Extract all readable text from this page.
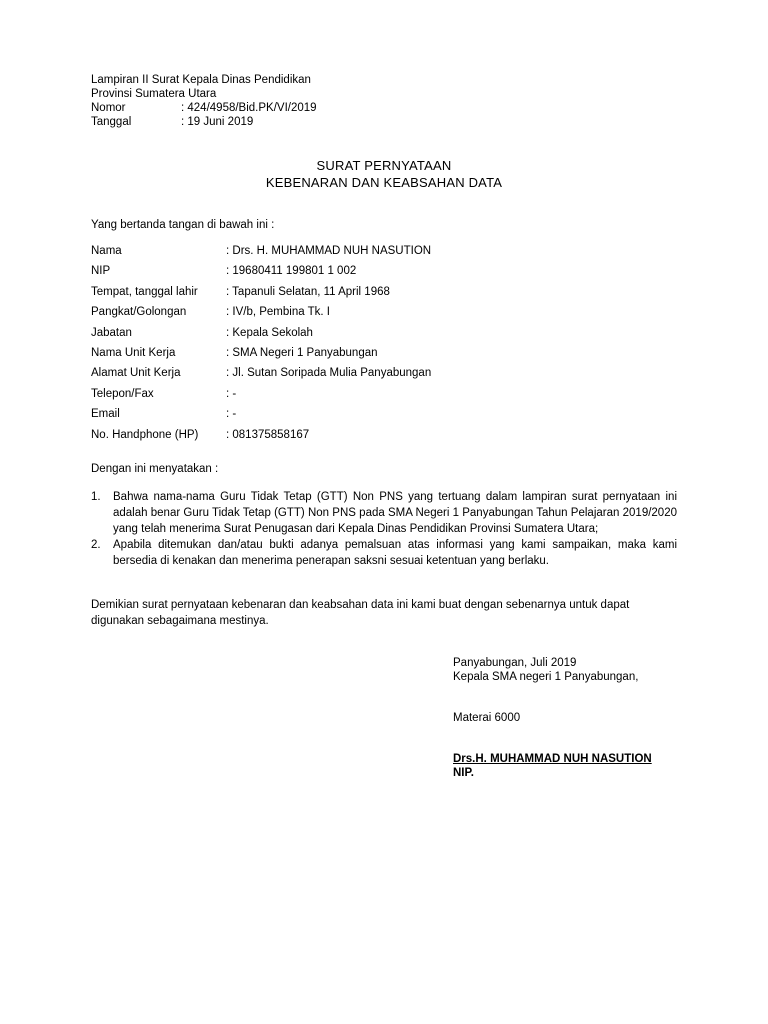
Lampiran II Surat Kepala Dinas Pendidikan
Provinsi Sumatera Utara
Nomor	: 424/4958/Bid.PK/VI/2019
Tanggal	: 19 Juni 2019
SURAT PERNYATAAN
KEBENARAN DAN KEABSAHAN DATA
Yang bertanda tangan di bawah ini :
Nama	: Drs. H. MUHAMMAD NUH NASUTION
NIP	: 19680411 199801 1 002
Tempat, tanggal lahir	: Tapanuli Selatan, 11 April 1968
Pangkat/Golongan	: IV/b, Pembina Tk. I
Jabatan	: Kepala Sekolah
Nama Unit Kerja	: SMA Negeri 1 Panyabungan
Alamat Unit Kerja	: Jl. Sutan Soripada Mulia Panyabungan
Telepon/Fax	: -
Email	: -
No. Handphone (HP)	: 081375858167
Dengan ini menyatakan :
1.	Bahwa nama-nama Guru Tidak Tetap (GTT) Non PNS yang tertuang dalam lampiran surat pernyataan ini adalah benar Guru Tidak Tetap (GTT) Non PNS pada SMA Negeri 1 Panyabungan Tahun Pelajaran 2019/2020 yang telah menerima Surat Penugasan dari Kepala Dinas Pendidikan Provinsi Sumatera Utara;
2.	Apabila ditemukan dan/atau bukti adanya pemalsuan atas informasi yang kami sampaikan, maka kami bersedia di kenakan dan menerima penerapan saksni sesuai ketentuan yang berlaku.
Demikian surat pernyataan kebenaran dan keabsahan data ini kami buat dengan sebenarnya untuk dapat digunakan sebagaimana mestinya.
Panyabungan, Juli 2019
Kepala SMA negeri 1 Panyabungan,
Materai 6000
Drs.H. MUHAMMAD NUH NASUTION
NIP.
